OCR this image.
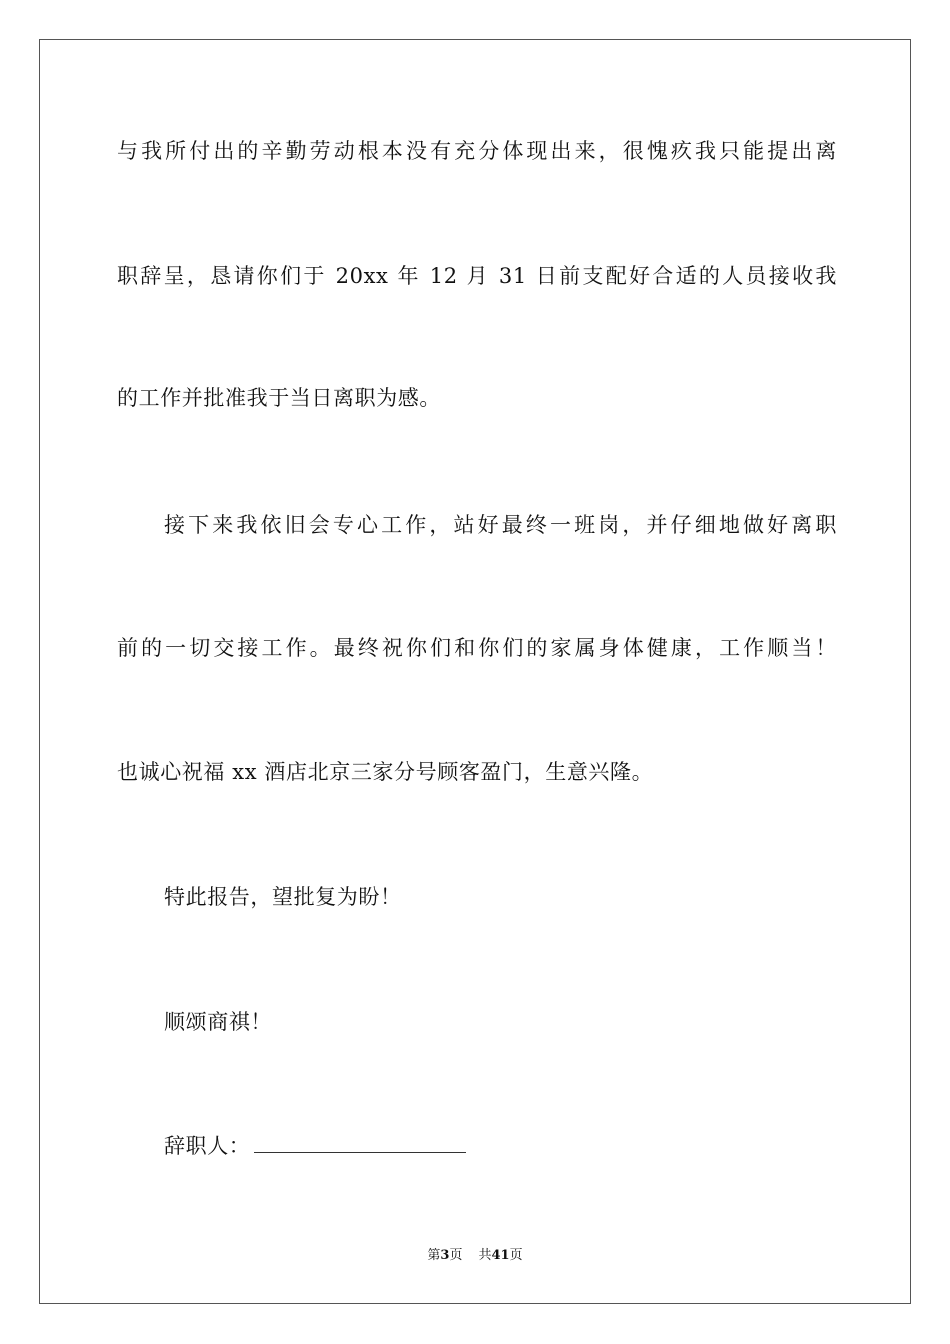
与我所付出的辛勤劳动根本没有充分体现出来，很愧疚我只能提出离
职辞呈，恳请你们于 20xx 年 12 月 31 日前支配好合适的人员接收我
的工作并批准我于当日离职为感。
接下来我依旧会专心工作，站好最终一班岗，并仔细地做好离职
前的一切交接工作。最终祝你们和你们的家属身体健康，工作顺当！
也诚心祝福 xx 酒店北京三家分号顾客盈门，生意兴隆。
特此报告，望批复为盼！
顺颂商祺！
辞职人：
第3页 共41页
